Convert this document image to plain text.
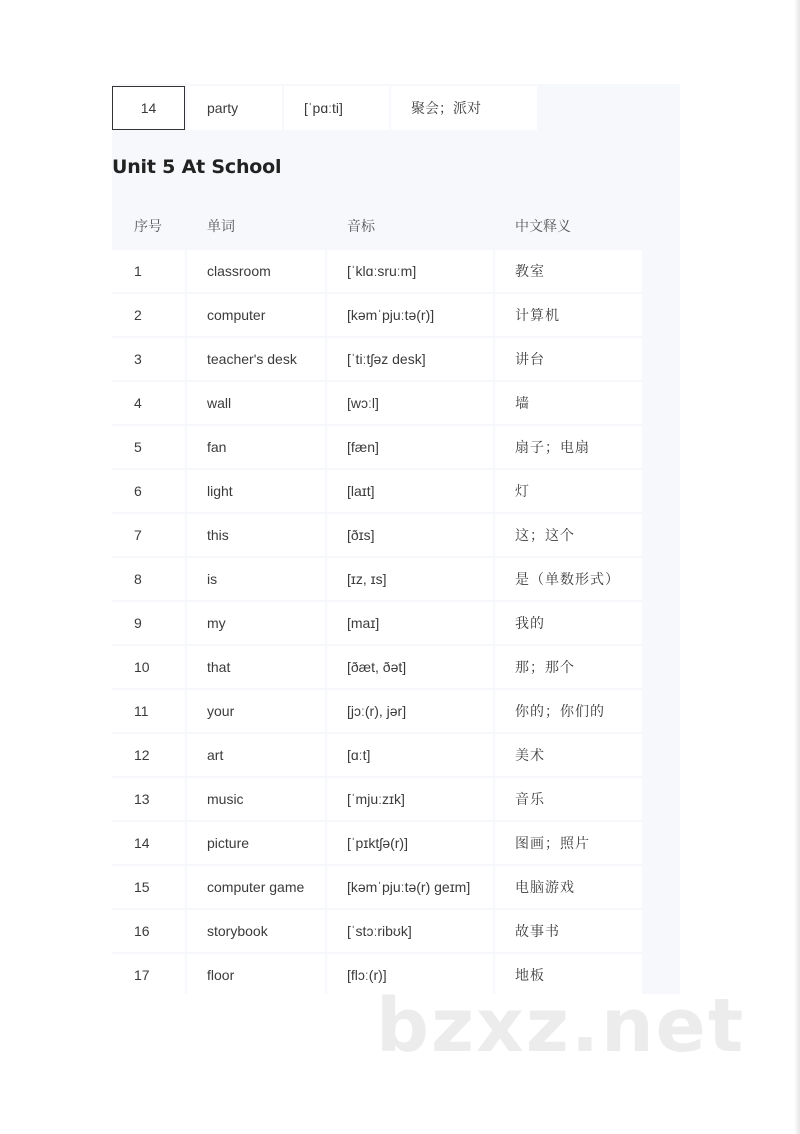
14	party	[ˈpɑːti]	聚会；派对
Unit 5 At School
序号	单词	音标	中文释义
1	classroom	[ˈklɑːsruːm]	教室
2	computer	[kəmˈpjuːtə(r)]	计算机
3	teacher's desk	[ˈtiːtʃəz desk]	讲台
4	wall	[wɔːl]	墙
5	fan	[fæn]	扇子；电扇
6	light	[laɪt]	灯
7	this	[ðɪs]	这；这个
8	is	[ɪz, ɪs]	是（单数形式）
9	my	[maɪ]	我的
10	that	[ðæt, ðət]	那；那个
11	your	[jɔː(r), jər]	你的；你们的
12	art	[ɑːt]	美术
13	music	[ˈmjuːzɪk]	音乐
14	picture	[ˈpɪktʃə(r)]	图画；照片
15	computer game	[kəmˈpjuːtə(r) ɡeɪm]	电脑游戏
16	storybook	[ˈstɔːribʊk]	故事书
17	floor	[flɔː(r)]	地板
bzxz.net
